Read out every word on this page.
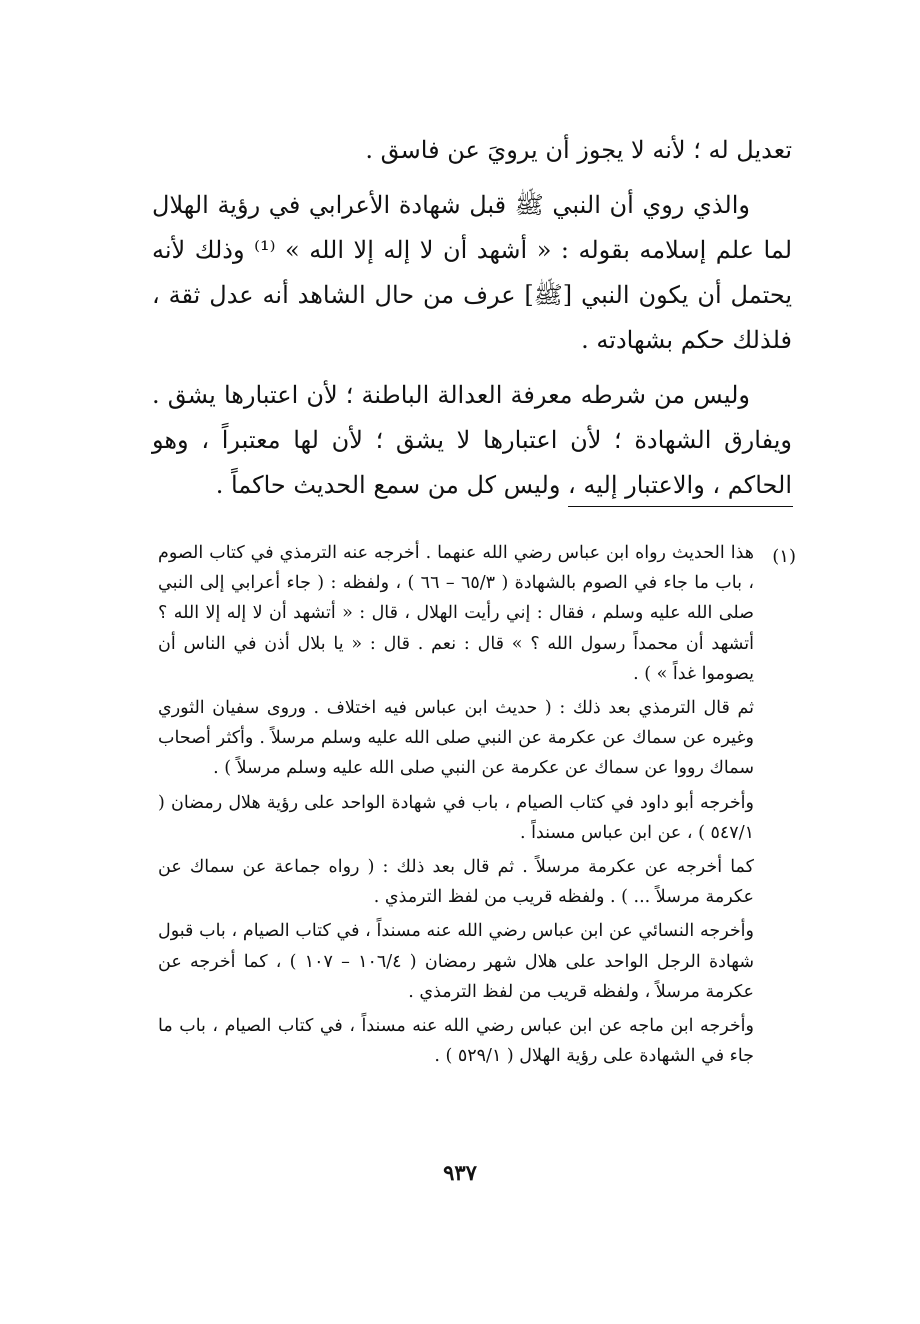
تعديل له ؛ لأنه لا يجوز أن يرويَ عن فاسق .

والذي روي أن النبي ﷺ قبل شهادة الأعرابي في رؤية الهلال لما علم إسلامه بقوله : « أشهد أن لا إله إلا الله » ⁽¹⁾ وذلك لأنه يحتمل أن يكون النبي [ﷺ] عرف من حال الشاهد أنه عدل ثقة ، فلذلك حكم بشهادته .

وليس من شرطه معرفة العدالة الباطنة ؛ لأن اعتبارها يشق . ويفارق الشهادة ؛ لأن اعتبارها لا يشق ؛ لأن لها معتبراً ، وهو الحاكم ، والاعتبار إليه ، وليس كل من سمع الحديث حاكماً .

(١)

هذا الحديث رواه ابن عباس رضي الله عنهما . أخرجه عنه الترمذي في كتاب الصوم ، باب ما جاء في الصوم بالشهادة ( ٦٥/٣ – ٦٦ ) ، ولفظه : ( جاء أعرابي إلى النبي صلى الله عليه وسلم ، فقال : إني رأيت الهلال ، قال : « أتشهد أن لا إله إلا الله ؟ أتشهد أن محمداً رسول الله ؟ » قال : نعم . قال : « يا بلال أذن في الناس أن يصوموا غداً » ) .

ثم قال الترمذي بعد ذلك : ( حديث ابن عباس فيه اختلاف . وروى سفيان الثوري وغيره عن سماك عن عكرمة عن النبي صلى الله عليه وسلم مرسلاً . وأكثر أصحاب سماك رووا عن سماك عن عكرمة عن النبي صلى الله عليه وسلم مرسلاً ) .

وأخرجه أبو داود في كتاب الصيام ، باب في شهادة الواحد على رؤية هلال رمضان ( ٥٤٧/١ ) ، عن ابن عباس مسنداً .

كما أخرجه عن عكرمة مرسلاً . ثم قال بعد ذلك : ( رواه جماعة عن سماك عن عكرمة مرسلاً ... ) . ولفظه قريب من لفظ الترمذي .

وأخرجه النسائي عن ابن عباس رضي الله عنه مسنداً ، في كتاب الصيام ، باب قبول شهادة الرجل الواحد على هلال شهر رمضان ( ١٠٦/٤ – ١٠٧ ) ، كما أخرجه عن عكرمة مرسلاً ، ولفظه قريب من لفظ الترمذي .

وأخرجه ابن ماجه عن ابن عباس رضي الله عنه مسنداً ، في كتاب الصيام ، باب ما جاء في الشهادة على رؤية الهلال ( ٥٢٩/١ ) .

٩٣٧
